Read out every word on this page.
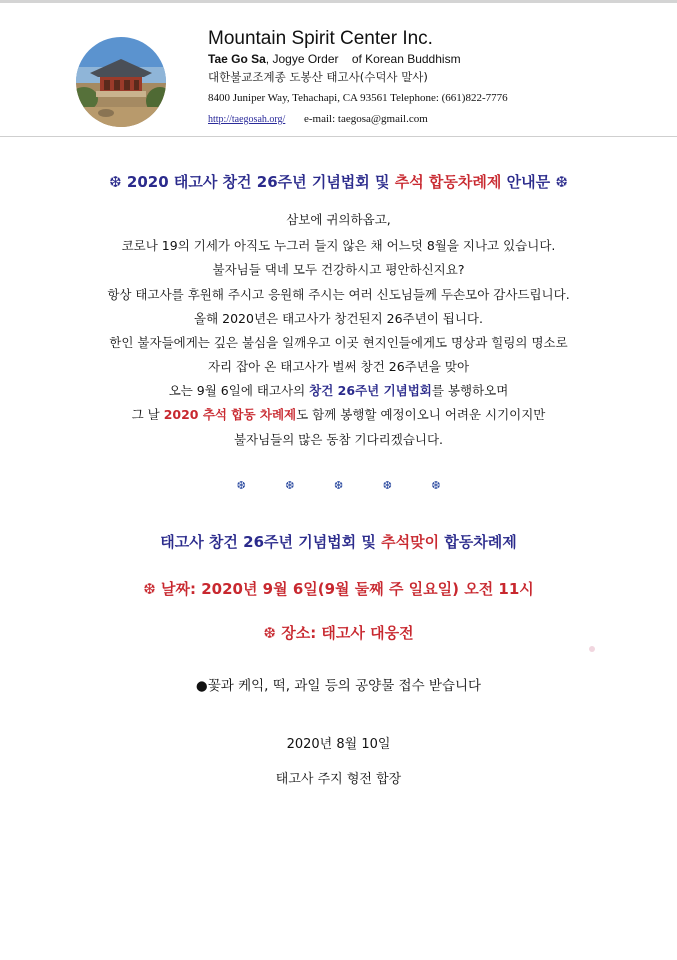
Mountain Spirit Center Inc.
Tae Go Sa, Jogye Order    of Korean Buddhism
대한불교조계종 도봉산 태고사(수덕사 말사)
8400 Juniper Way, Tehachapi, CA 93561 Telephone: (661)822-7776
http://taegosah.org/ e-mail: taegosa@gmail.com
❆ 2020 태고사 창건 26주년 기념법회 및 추석 합동차례제 안내문 ❆
삼보에 귀의하옵고,
코로나 19의 기세가 아직도 누그러 들지 않은 채 어느덧 8월을 지나고 있습니다.
불자님들 댁네 모두 건강하시고 평안하신지요?
항상 태고사를 후원해 주시고 응원해 주시는 여러 신도님들께 두손모아 감사드립니다.
올해 2020년은 태고사가 창건된지 26주년이 됩니다.
한인 불자들에게는 깊은 불심을 일깨우고 이곳 현지인들에게도 명상과 힐링의 명소로
자리 잡아 온 태고사가 벌써 창건 26주년을 맞아
오는 9월 6일에 태고사의 창건 26주년 기념법회를 봉행하오며
그 날 2020 추석 합동 차례제도 함께 봉행할 예정이오니 어려운 시기이지만
불자님들의 많은 동참 기다리겠습니다.
❆ ❆ ❆ ❆ ❆
태고사 창건 26주년 기념법회 및 추석맞이 합동차례제
❆ 날짜: 2020년 9월 6일(9월 둘째 주 일요일) 오전 11시
❆ 장소: 태고사 대웅전
●꽃과 케익, 떡, 과일 등의 공양물 접수 받습니다
2020년 8월 10일
태고사 주지 형전 합장
